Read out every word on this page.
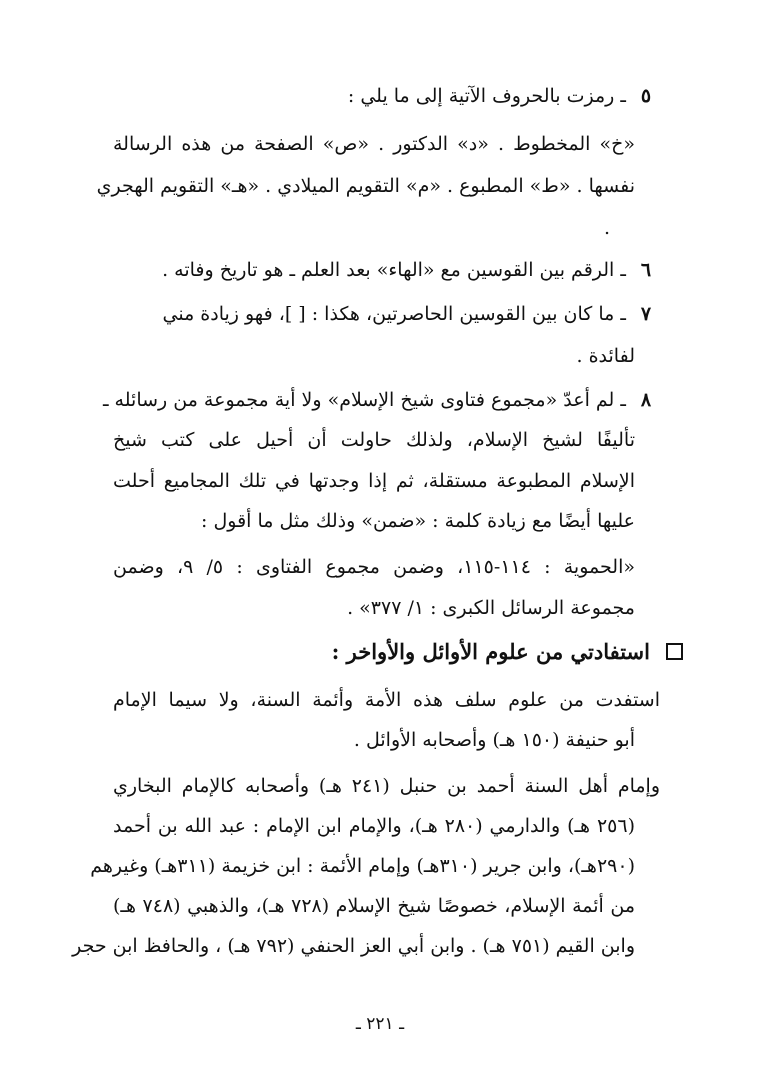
٥ ـ رمزت بالحروف الآتية إلى ما يلي :
«خ» المخطوط . «د» الدكتور . «ص» الصفحة من هذه الرسالة
نفسها . «ط» المطبوع . «م» التقويم الميلادي . «هـ» التقويم الهجري
.
٦ ـ الرقم بين القوسين مع «الهاء» بعد العلم ـ هو تاريخ وفاته .
٧ ـ ما كان بين القوسين الحاصرتين، هكذا : [ ]، فهو زيادة مني
لفائدة .
٨ ـ لم أعدّ «مجموع فتاوى شيخ الإسلام» ولا أية مجموعة من رسائله ـ
تأليفًا لشيخ الإسلام، ولذلك حاولت أن أحيل على كتب شيخ
الإسلام المطبوعة مستقلة، ثم إذا وجدتها في تلك المجاميع أحلت
عليها أيضًا مع زيادة كلمة : «ضمن» وذلك مثل ما أقول :
«الحموية : ١١٤-١١٥، وضمن مجموع الفتاوى : ٥/ ٩، وضمن
مجموعة الرسائل الكبرى : ١/ ٣٧٧» .
استفادتي من علوم الأوائل والأواخر :
استفدت من علوم سلف هذه الأمة وأئمة السنة، ولا سيما الإمام
أبو حنيفة (١٥٠ هـ) وأصحابه الأوائل .
وإمام أهل السنة أحمد بن حنبل (٢٤١ هـ) وأصحابه كالإمام البخاري
(٢٥٦ هـ) والدارمي (٢٨٠ هـ)، والإمام ابن الإمام : عبد الله بن أحمد
(٢٩٠هـ)، وابن جرير (٣١٠هـ) وإمام الأئمة : ابن خزيمة (٣١١هـ) وغيرهم
من أئمة الإسلام، خصوصًا شيخ الإسلام (٧٢٨ هـ)، والذهبي (٧٤٨ هـ)
وابن القيم (٧٥١ هـ) . وابن أبي العز الحنفي (٧٩٢ هـ) ، والحافظ ابن حجر
ـ ٢٢١ ـ
